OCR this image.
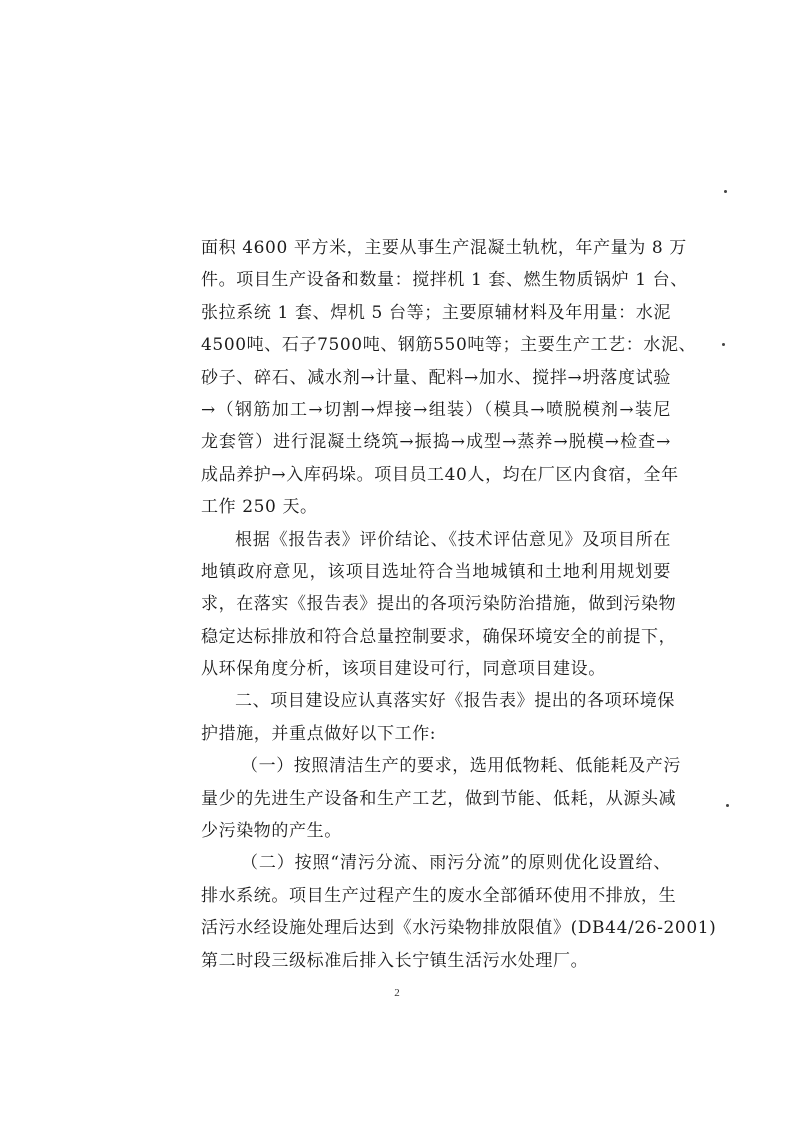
面积 4600 平方米，主要从事生产混凝土轨枕，年产量为 8 万
件。项目生产设备和数量：搅拌机 1 套、燃生物质锅炉 1 台、
张拉系统 1 套、焊机 5 台等；主要原辅材料及年用量：水泥
4500吨、石子7500吨、钢筋550吨等；主要生产工艺：水泥、
砂子、碎石、减水剂→计量、配料→加水、搅拌→坍落度试验
→（钢筋加工→切割→焊接→组装）（模具→喷脱模剂→装尼
龙套管）进行混凝土绕筑→振捣→成型→蒸养→脱模→检查→
成品养护→入库码垛。项目员工40人，均在厂区内食宿，全年
工作 250 天。
根据《报告表》评价结论、《技术评估意见》及项目所在
地镇政府意见，该项目选址符合当地城镇和土地利用规划要
求，在落实《报告表》提出的各项污染防治措施，做到污染物
稳定达标排放和符合总量控制要求，确保环境安全的前提下，
从环保角度分析，该项目建设可行，同意项目建设。
二、项目建设应认真落实好《报告表》提出的各项环境保
护措施，并重点做好以下工作:
（一）按照清洁生产的要求，选用低物耗、低能耗及产污
量少的先进生产设备和生产工艺，做到节能、低耗，从源头减
少污染物的产生。
（二）按照“清污分流、雨污分流”的原则优化设置给、
排水系统。项目生产过程产生的废水全部循环使用不排放，生
活污水经设施处理后达到《水污染物排放限值》(DB44/26-2001)
第二时段三级标准后排入长宁镇生活污水处理厂。
2
